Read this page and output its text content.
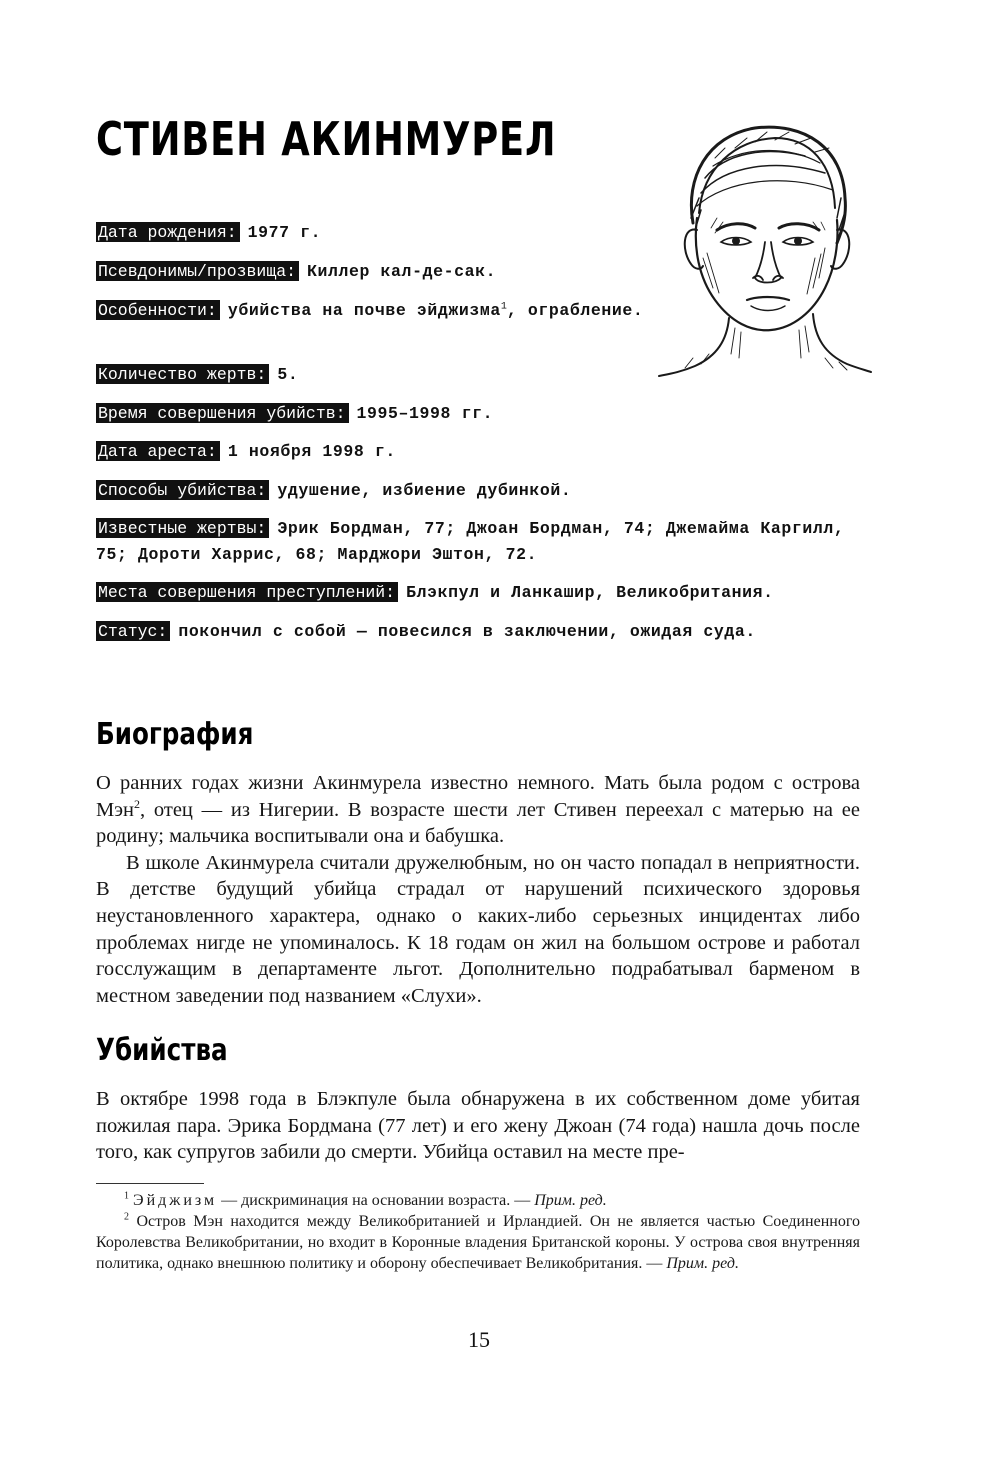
СТИВЕН АКИНМУРЕЛ

Дата рождения: 1977 г.

Псевдонимы/прозвища: Киллер кал-де-сак.

Особенности: убийства на почве эйджизма$^1$, ограбление.

Количество жертв: 5.

Время совершения убийств: 1995–1998 гг.

Дата ареста: 1 ноября 1998 г.

Способы убийства: удушение, избиение дубинкой.

Известные жертвы: Эрик Бордман, 77; Джоан Бордман, 74; Джемайма Каргилл, 75; Дороти Харрис, 68; Марджори Эштон, 72.

Места совершения преступлений: Блэкпул и Ланкашир, Великобритания.

Статус: покончил с собой — повесился в заключении, ожидая суда.

Биография

О ранних годах жизни Акинмурела известно немного. Мать была родом с острова Мэн$^2$, отец — из Нигерии. В возрасте шести лет Стивен переехал с матерью на ее родину; мальчика воспитывали она и бабушка.

В школе Акинмурела считали дружелюбным, но он часто попадал в неприятности. В детстве будущий убийца страдал от нарушений психического здоровья неустановленного характера, однако о каких-либо серьезных инцидентах либо проблемах нигде не упоминалось. К 18 годам он жил на большом острове и работал госслужащим в департаменте льгот. Дополнительно подрабатывал барменом в местном заведении под названием «Слухи».

Убийства

В октябре 1998 года в Блэкпуле была обнаружена в их собственном доме убитая пожилая пара. Эрика Бордмана (77 лет) и его жену Джоан (74 года) нашла дочь после того, как супругов забили до смерти. Убийца оставил на месте пре-

$^1$ Эйджизм — дискриминация на основании возраста. — Прим. ред.

$^2$ Остров Мэн находится между Великобританией и Ирландией. Он не является частью Соединенного Королевства Великобритании, но входит в Коронные владения Британской короны. У острова своя внутренняя политика, однако внешнюю политику и оборону обеспечивает Великобритания. — Прим. ред.

15
